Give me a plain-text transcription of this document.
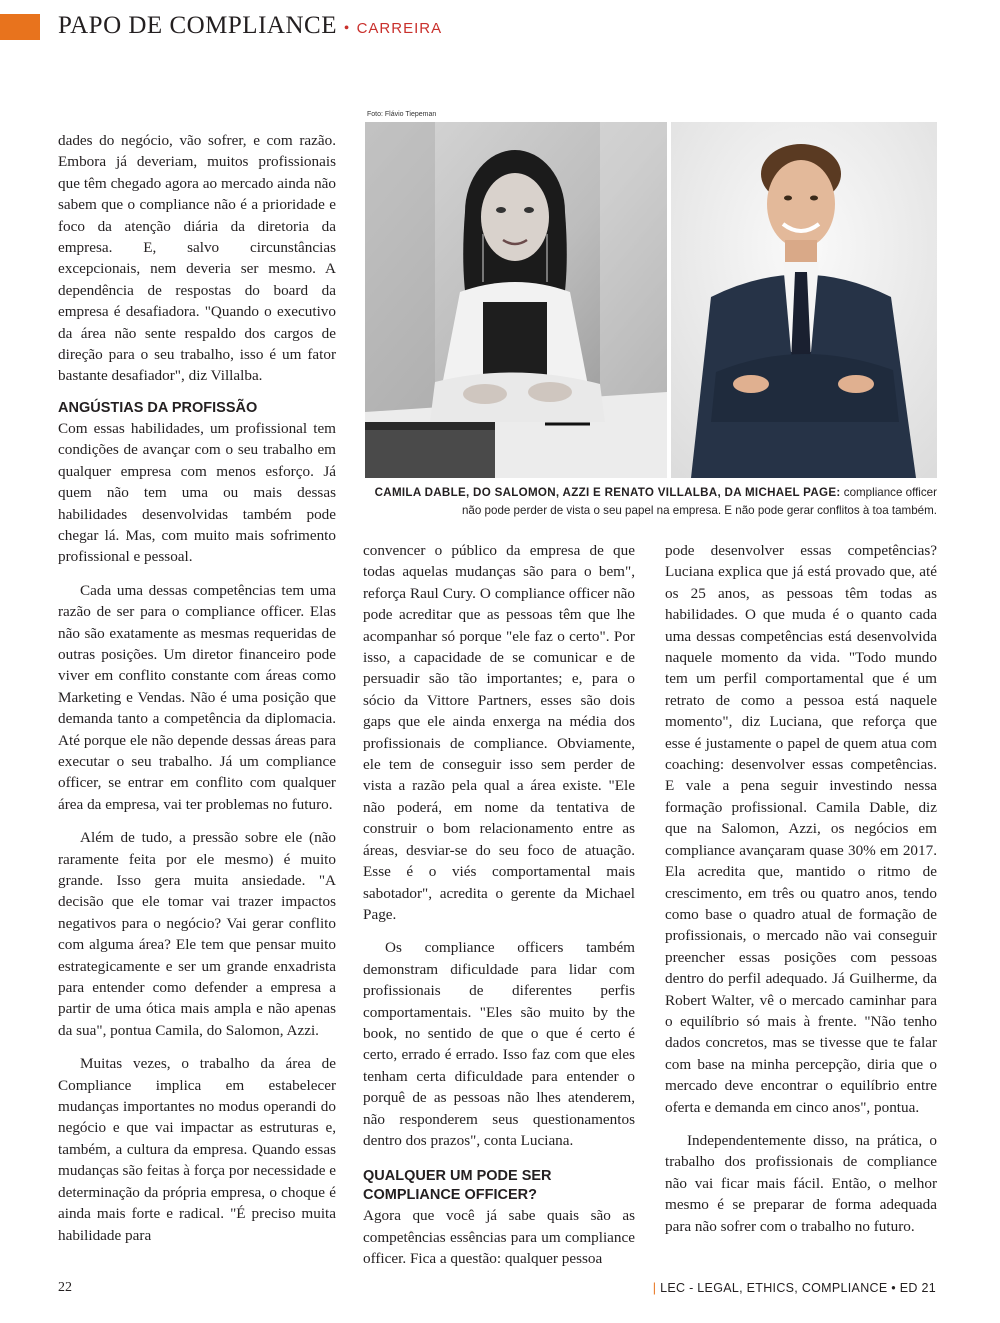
PAPO DE COMPLIANCE • CARREIRA
Foto: Flávio Tiepeman
CAMILA DABLE, DO SALOMON, AZZI E RENATO VILLALBA, DA MICHAEL PAGE: compliance officer não pode perder de vista o seu papel na empresa. E não pode gerar conflitos à toa também.

dades do negócio, vão sofrer, e com razão. Embora já deveriam, muitos profissionais que têm chegado agora ao mercado ainda não sabem que o compliance não é a prioridade e foco da atenção diária da diretoria da empresa. E, salvo circunstâncias excepcionais, nem deveria ser mesmo. A dependência de respostas do board da empresa é desafiadora. "Quando o executivo da área não sente respaldo dos cargos de direção para o seu trabalho, isso é um fator bastante desafiador", diz Villalba.

ANGÚSTIAS DA PROFISSÃO

Com essas habilidades, um profissional tem condições de avançar com o seu trabalho em qualquer empresa com menos esforço. Já quem não tem uma ou mais dessas habilidades desenvolvidas também pode chegar lá. Mas, com muito mais sofrimento profissional e pessoal.

Cada uma dessas competências tem uma razão de ser para o compliance officer. Elas não são exatamente as mesmas requeridas de outras posições. Um diretor financeiro pode viver em conflito constante com áreas como Marketing e Vendas. Não é uma posição que demanda tanto a competência da diplomacia. Até porque ele não depende dessas áreas para executar o seu trabalho. Já um compliance officer, se entrar em conflito com qualquer área da empresa, vai ter problemas no futuro.

Além de tudo, a pressão sobre ele (não raramente feita por ele mesmo) é muito grande. Isso gera muita ansiedade. "A decisão que ele tomar vai trazer impactos negativos para o negócio? Vai gerar conflito com alguma área? Ele tem que pensar muito estrategicamente e ser um grande enxadrista para entender como defender a empresa a partir de uma ótica mais ampla e não apenas da sua", pontua Camila, do Salomon, Azzi.

Muitas vezes, o trabalho da área de Compliance implica em estabelecer mudanças importantes no modus operandi do negócio e que vai impactar as estruturas e, também, a cultura da empresa. Quando essas mudanças são feitas à força por necessidade e determinação da própria empresa, o choque é ainda mais forte e radical. "É preciso muita habilidade para

convencer o público da empresa de que todas aquelas mudanças são para o bem", reforça Raul Cury. O compliance officer não pode acreditar que as pessoas têm que lhe acompanhar só porque "ele faz o certo". Por isso, a capacidade de se comunicar e de persuadir são tão importantes; e, para o sócio da Vittore Partners, esses são dois gaps que ele ainda enxerga na média dos profissionais de compliance. Obviamente, ele tem de conseguir isso sem perder de vista a razão pela qual a área existe. "Ele não poderá, em nome da tentativa de construir o bom relacionamento entre as áreas, desviar-se do seu foco de atuação. Esse é o viés comportamental mais sabotador", acredita o gerente da Michael Page.

Os compliance officers também demonstram dificuldade para lidar com profissionais de diferentes perfis comportamentais. "Eles são muito by the book, no sentido de que o que é certo é certo, errado é errado. Isso faz com que eles tenham certa dificuldade para entender o porquê de as pessoas não lhes atenderem, não responderem seus questionamentos dentro dos prazos", conta Luciana.

QUALQUER UM PODE SER COMPLIANCE OFFICER?

Agora que você já sabe quais são as competências essências para um compliance officer. Fica a questão: qualquer pessoa

pode desenvolver essas competências? Luciana explica que já está provado que, até os 25 anos, as pessoas têm todas as habilidades. O que muda é o quanto cada uma dessas competências está desenvolvida naquele momento da vida. "Todo mundo tem um perfil comportamental que é um retrato de como a pessoa está naquele momento", diz Luciana, que reforça que esse é justamente o papel de quem atua com coaching: desenvolver essas competências. E vale a pena seguir investindo nessa formação profissional. Camila Dable, diz que na Salomon, Azzi, os negócios em compliance avançaram quase 30% em 2017. Ela acredita que, mantido o ritmo de crescimento, em três ou quatro anos, tendo como base o quadro atual de formação de profissionais, o mercado não vai conseguir preencher essas posições com pessoas dentro do perfil adequado. Já Guilherme, da Robert Walter, vê o mercado caminhar para o equilíbrio só mais à frente. "Não tenho dados concretos, mas se tivesse que te falar com base na minha percepção, diria que o mercado deve encontrar o equilíbrio entre oferta e demanda em cinco anos", pontua.

Independentemente disso, na prática, o trabalho dos profissionais de compliance não vai ficar mais fácil. Então, o melhor mesmo é se preparar de forma adequada para não sofrer com o trabalho no futuro.

22	| LEC - LEGAL, ETHICS, COMPLIANCE • ED 21
